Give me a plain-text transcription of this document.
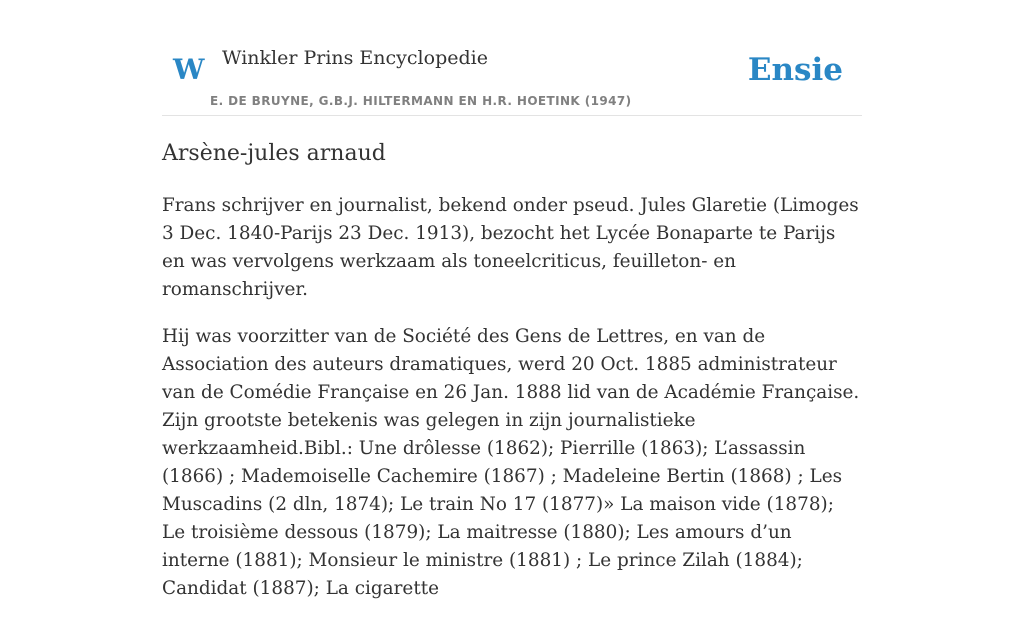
W Winkler Prins Encyclopedie
E. DE BRUYNE, G.B.J. HILTERMANN EN H.R. HOETINK (1947)
Ensie
Arsène-jules arnaud

Frans schrijver en journalist, bekend onder pseud. Jules Glaretie (Limoges 3 Dec. 1840-Parijs 23 Dec. 1913), bezocht het Lycée Bonaparte te Parijs en was vervolgens werkzaam als toneelcriticus, feuilleton- en romanschrijver.

Hij was voorzitter van de Société des Gens de Lettres, en van de Association des auteurs dramatiques, werd 20 Oct. 1885 administrateur van de Comédie Française en 26 Jan. 1888 lid van de Académie Française. Zijn grootste betekenis was gelegen in zijn journalistieke werkzaamheid.Bibl.: Une drôlesse (1862); Pierrille (1863); L’assassin (1866) ; Mademoiselle Cachemire (1867) ; Madeleine Bertin (1868) ; Les Muscadins (2 dln, 1874); Le train No 17 (1877)» La maison vide (1878); Le troisième dessous (1879); La maitresse (1880); Les amours d’un interne (1881); Monsieur le ministre (1881) ; Le prince Zilah (1884); Candidat (1887); La cigarette
